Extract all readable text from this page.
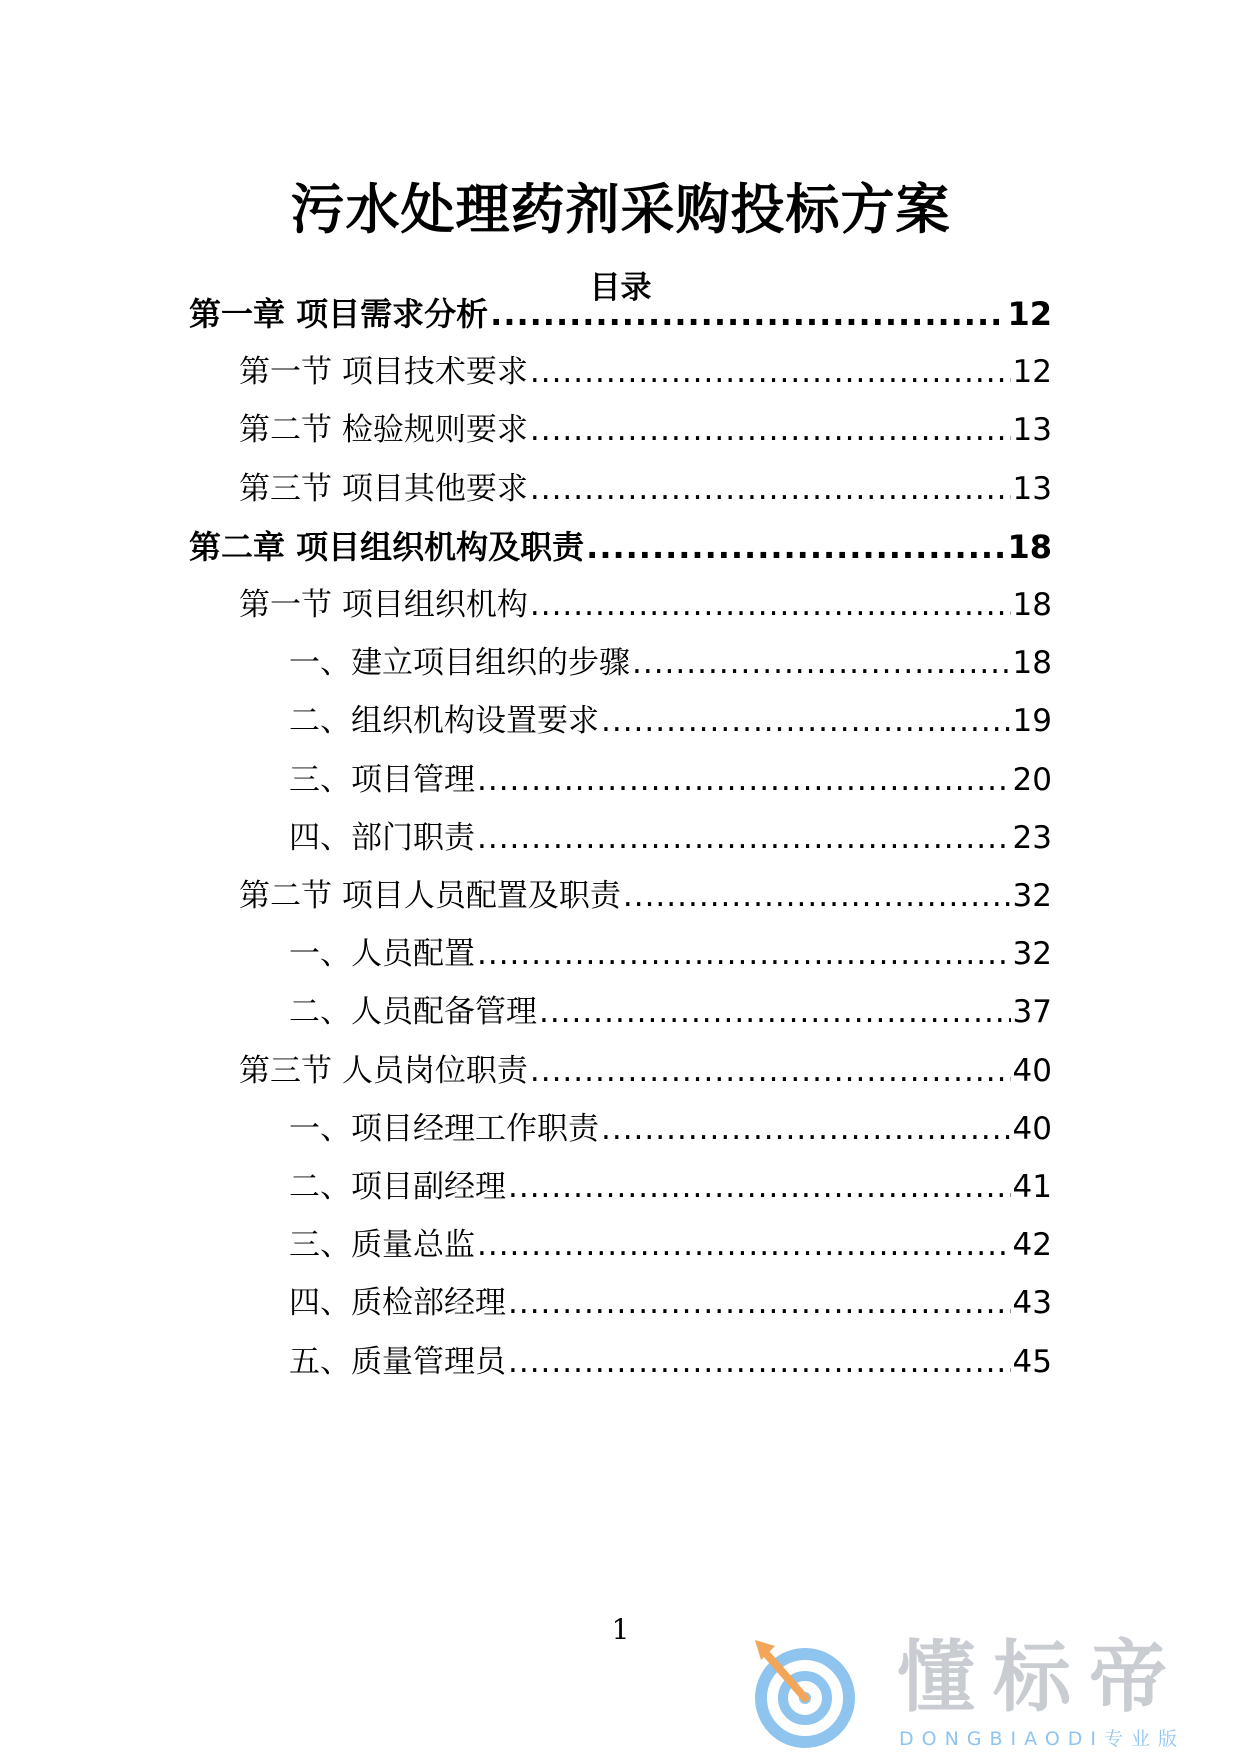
污水处理药剂采购投标方案
目录
第一章 项目需求分析 .....	12
第一节 项目技术要求 .....	12
第二节 检验规则要求 .....	13
第三节 项目其他要求 .....	13
第二章 项目组织机构及职责 .....	18
第一节 项目组织机构 .....	18
一、建立项目组织的步骤 .....	18
二、组织机构设置要求 .....	19
三、项目管理 .....	20
四、部门职责 .....	23
第二节 项目人员配置及职责 .....	32
一、人员配置 .....	32
二、人员配备管理 .....	37
第三节 人员岗位职责 .....	40
一、项目经理工作职责 .....	40
二、项目副经理 .....	41
三、质量总监 .....	42
四、质检部经理 .....	43
五、质量管理员 .....	45
1
懂标帝
DONGBIAODI专业版
